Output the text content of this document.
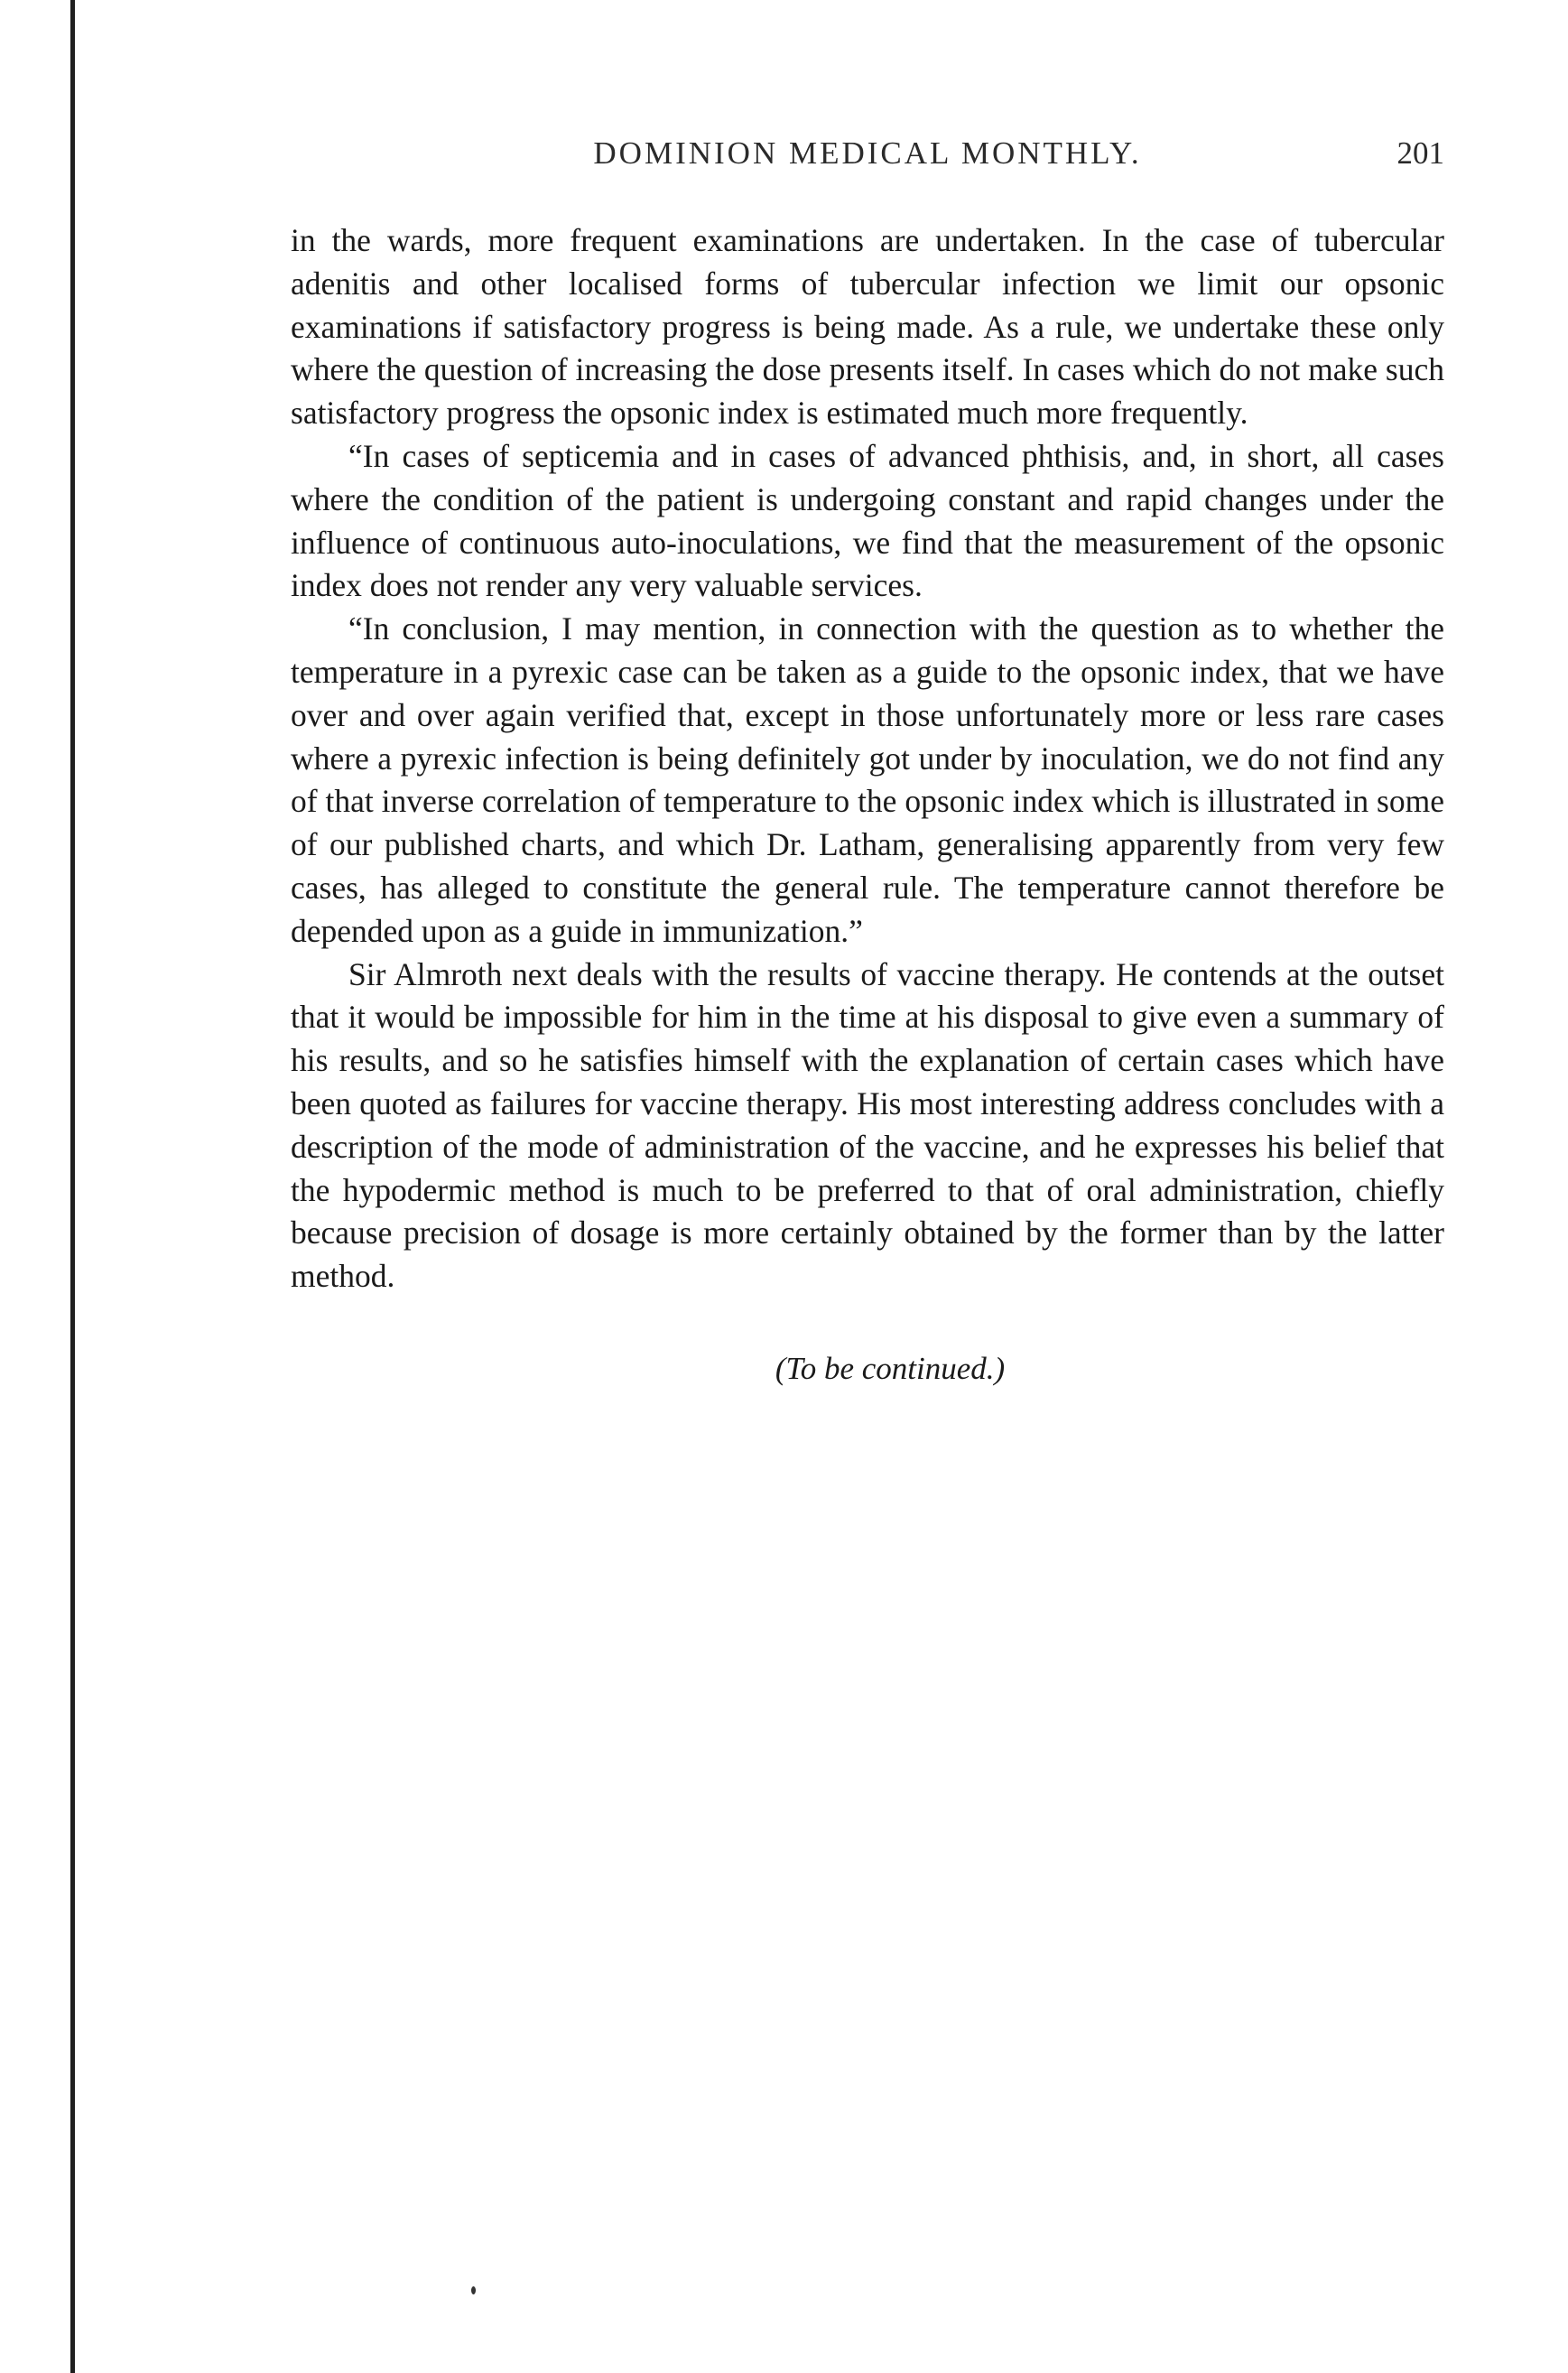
DOMINION MEDICAL MONTHLY.	201

in the wards, more frequent examinations are undertaken. In the case of tubercular adenitis and other localised forms of tubercular infection we limit our opsonic examinations if satisfactory progress is being made. As a rule, we undertake these only where the question of increasing the dose presents itself. In cases which do not make such satisfactory progress the opsonic index is estimated much more frequently.

“In cases of septicemia and in cases of advanced phthisis, and, in short, all cases where the condition of the patient is undergoing constant and rapid changes under the influence of continuous auto-inoculations, we find that the measurement of the opsonic index does not render any very valuable services.

“In conclusion, I may mention, in connection with the question as to whether the temperature in a pyrexic case can be taken as a guide to the opsonic index, that we have over and over again verified that, except in those unfortunately more or less rare cases where a pyrexic infection is being definitely got under by inoculation, we do not find any of that inverse correlation of temperature to the opsonic index which is illustrated in some of our published charts, and which Dr. Latham, generalising apparently from very few cases, has alleged to constitute the general rule. The temperature cannot therefore be depended upon as a guide in immunization.”

Sir Almroth next deals with the results of vaccine therapy. He contends at the outset that it would be impossible for him in the time at his disposal to give even a summary of his results, and so he satisfies himself with the explanation of certain cases which have been quoted as failures for vaccine therapy. His most interesting address concludes with a description of the mode of administration of the vaccine, and he expresses his belief that the hypodermic method is much to be preferred to that of oral administration, chiefly because precision of dosage is more certainly obtained by the former than by the latter method.

(To be continued.)
